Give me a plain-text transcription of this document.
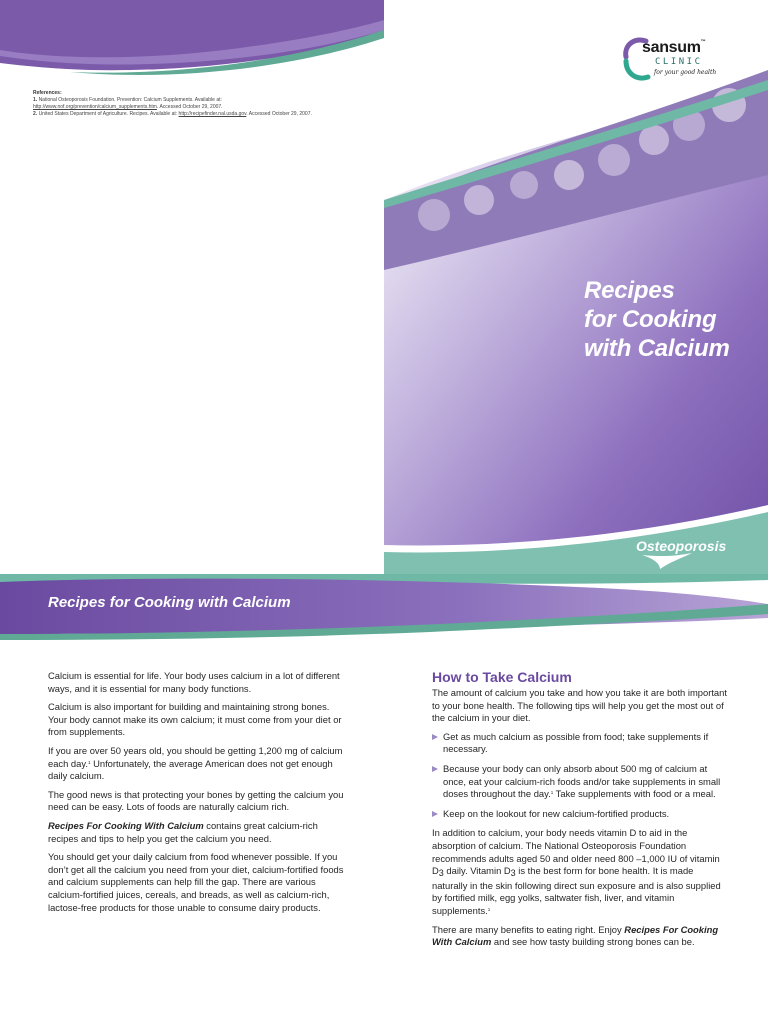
References:
1. National Osteoporosis Foundation. Prevention: Calcium Supplements. Available at:
http://www.nof.org/prevention/calcium_supplements.htm. Accessed October 29, 2007.
2. United States Department of Agriculture. Recipes. Available at: http://recipefinder.nal.usda.gov. Accessed October 29, 2007.
sansum™
CLINIC
for your good health
Recipes
for Cooking
with Calcium
Osteoporosis
Recipes for Cooking with Calcium

Calcium is essential for life. Your body uses calcium in a lot of different ways, and it is essential for many body functions.

Calcium is also important for building and maintaining strong bones. Your body cannot make its own calcium; it must come from your diet or from supplements.

If you are over 50 years old, you should be getting 1,200 mg of calcium each day.$^1$ Unfortunately, the average American does not get enough daily calcium.

The good news is that protecting your bones by getting the calcium you need can be easy. Lots of foods are naturally calcium rich.

Recipes For Cooking With Calcium contains great calcium-rich recipes and tips to help you get the calcium you need.

You should get your daily calcium from food whenever possible. If you don’t get all the calcium you need from your diet, calcium-fortified foods and calcium supplements can help fill the gap. There are various calcium-fortified juices, cereals, and breads, as well as calcium-rich, lactose-free products for those unable to consume dairy products.

How to Take Calcium

The amount of calcium you take and how you take it are both important to your bone health. The following tips will help you get the most out of the calcium in your diet.

Get as much calcium as possible from food; take supplements if necessary.
Because your body can only absorb about 500 mg of calcium at once, eat your calcium-rich foods and/or take supplements in small doses throughout the day.$^1$ Take supplements with food or a meal.
Keep on the lookout for new calcium-fortified products.

In addition to calcium, your body needs vitamin D to aid in the absorption of calcium. The National Osteoporosis Foundation recommends adults aged 50 and older need 800 –1,000 IU of vitamin D3 daily. Vitamin D3 is the best form for bone health. It is made naturally in the skin following direct sun exposure and is also supplied by fortified milk, egg yolks, saltwater fish, liver, and vitamin supplements.$^1$

There are many benefits to eating right. Enjoy Recipes For Cooking With Calcium and see how tasty building strong bones can be.
